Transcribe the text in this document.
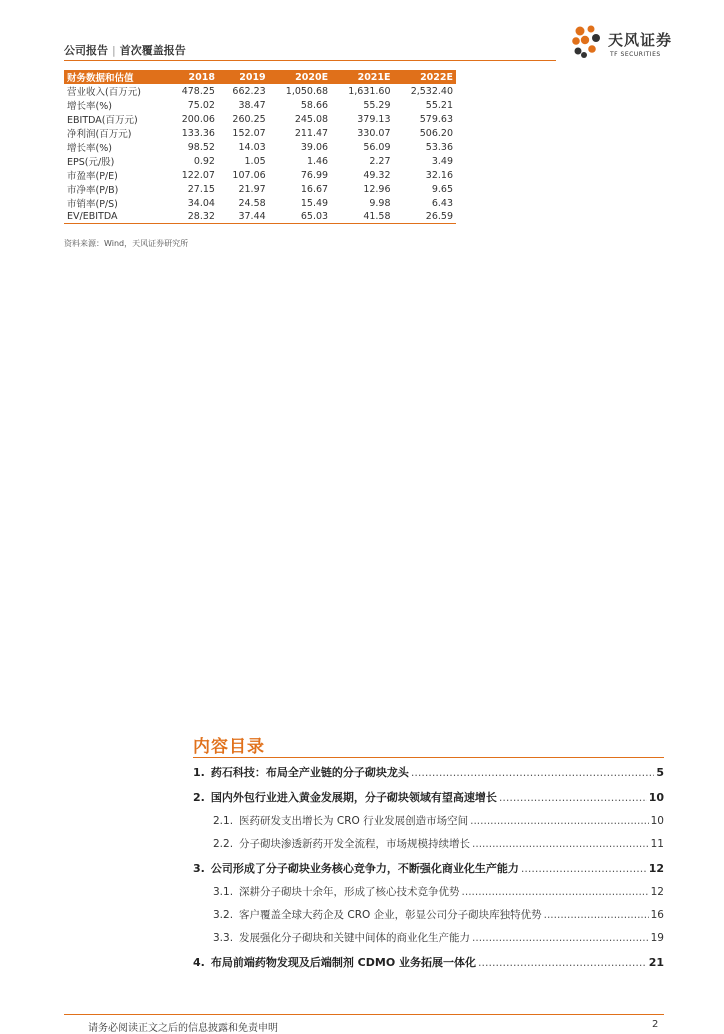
公司报告 | 首次覆盖报告
天风证券
TF SECURITIES
财务数据和估值	2018	2019	2020E	2021E	2022E
营业收入(百万元)	478.25	662.23	1,050.68	1,631.60	2,532.40
增长率(%)	75.02	38.47	58.66	55.29	55.21
EBITDA(百万元)	200.06	260.25	245.08	379.13	579.63
净利润(百万元)	133.36	152.07	211.47	330.07	506.20
增长率(%)	98.52	14.03	39.06	56.09	53.36
EPS(元/股)	0.92	1.05	1.46	2.27	3.49
市盈率(P/E)	122.07	107.06	76.99	49.32	32.16
市净率(P/B)	27.15	21.97	16.67	12.96	9.65
市销率(P/S)	34.04	24.58	15.49	9.98	6.43
EV/EBITDA	28.32	37.44	65.03	41.58	26.59
资料来源：Wind，天风证券研究所
内容目录
1. 药石科技：布局全产业链的分子砌块龙头 .....	5
2. 国内外包行业进入黄金发展期，分子砌块领域有望高速增长 .....	10
2.1. 医药研发支出增长为 CRO 行业发展创造市场空间 .....	10
2.2. 分子砌块渗透新药开发全流程，市场规模持续增长 .....	11
3. 公司形成了分子砌块业务核心竞争力，不断强化商业化生产能力 .....	12
3.1. 深耕分子砌块十余年，形成了核心技术竞争优势 .....	12
3.2. 客户覆盖全球大药企及 CRO 企业，彰显公司分子砌块库独特优势 .....	16
3.3. 发展强化分子砌块和关键中间体的商业化生产能力 .....	19
4. 布局前端药物发现及后端制剂 CDMO 业务拓展一体化 .....	21
请务必阅读正文之后的信息披露和免责申明	2
